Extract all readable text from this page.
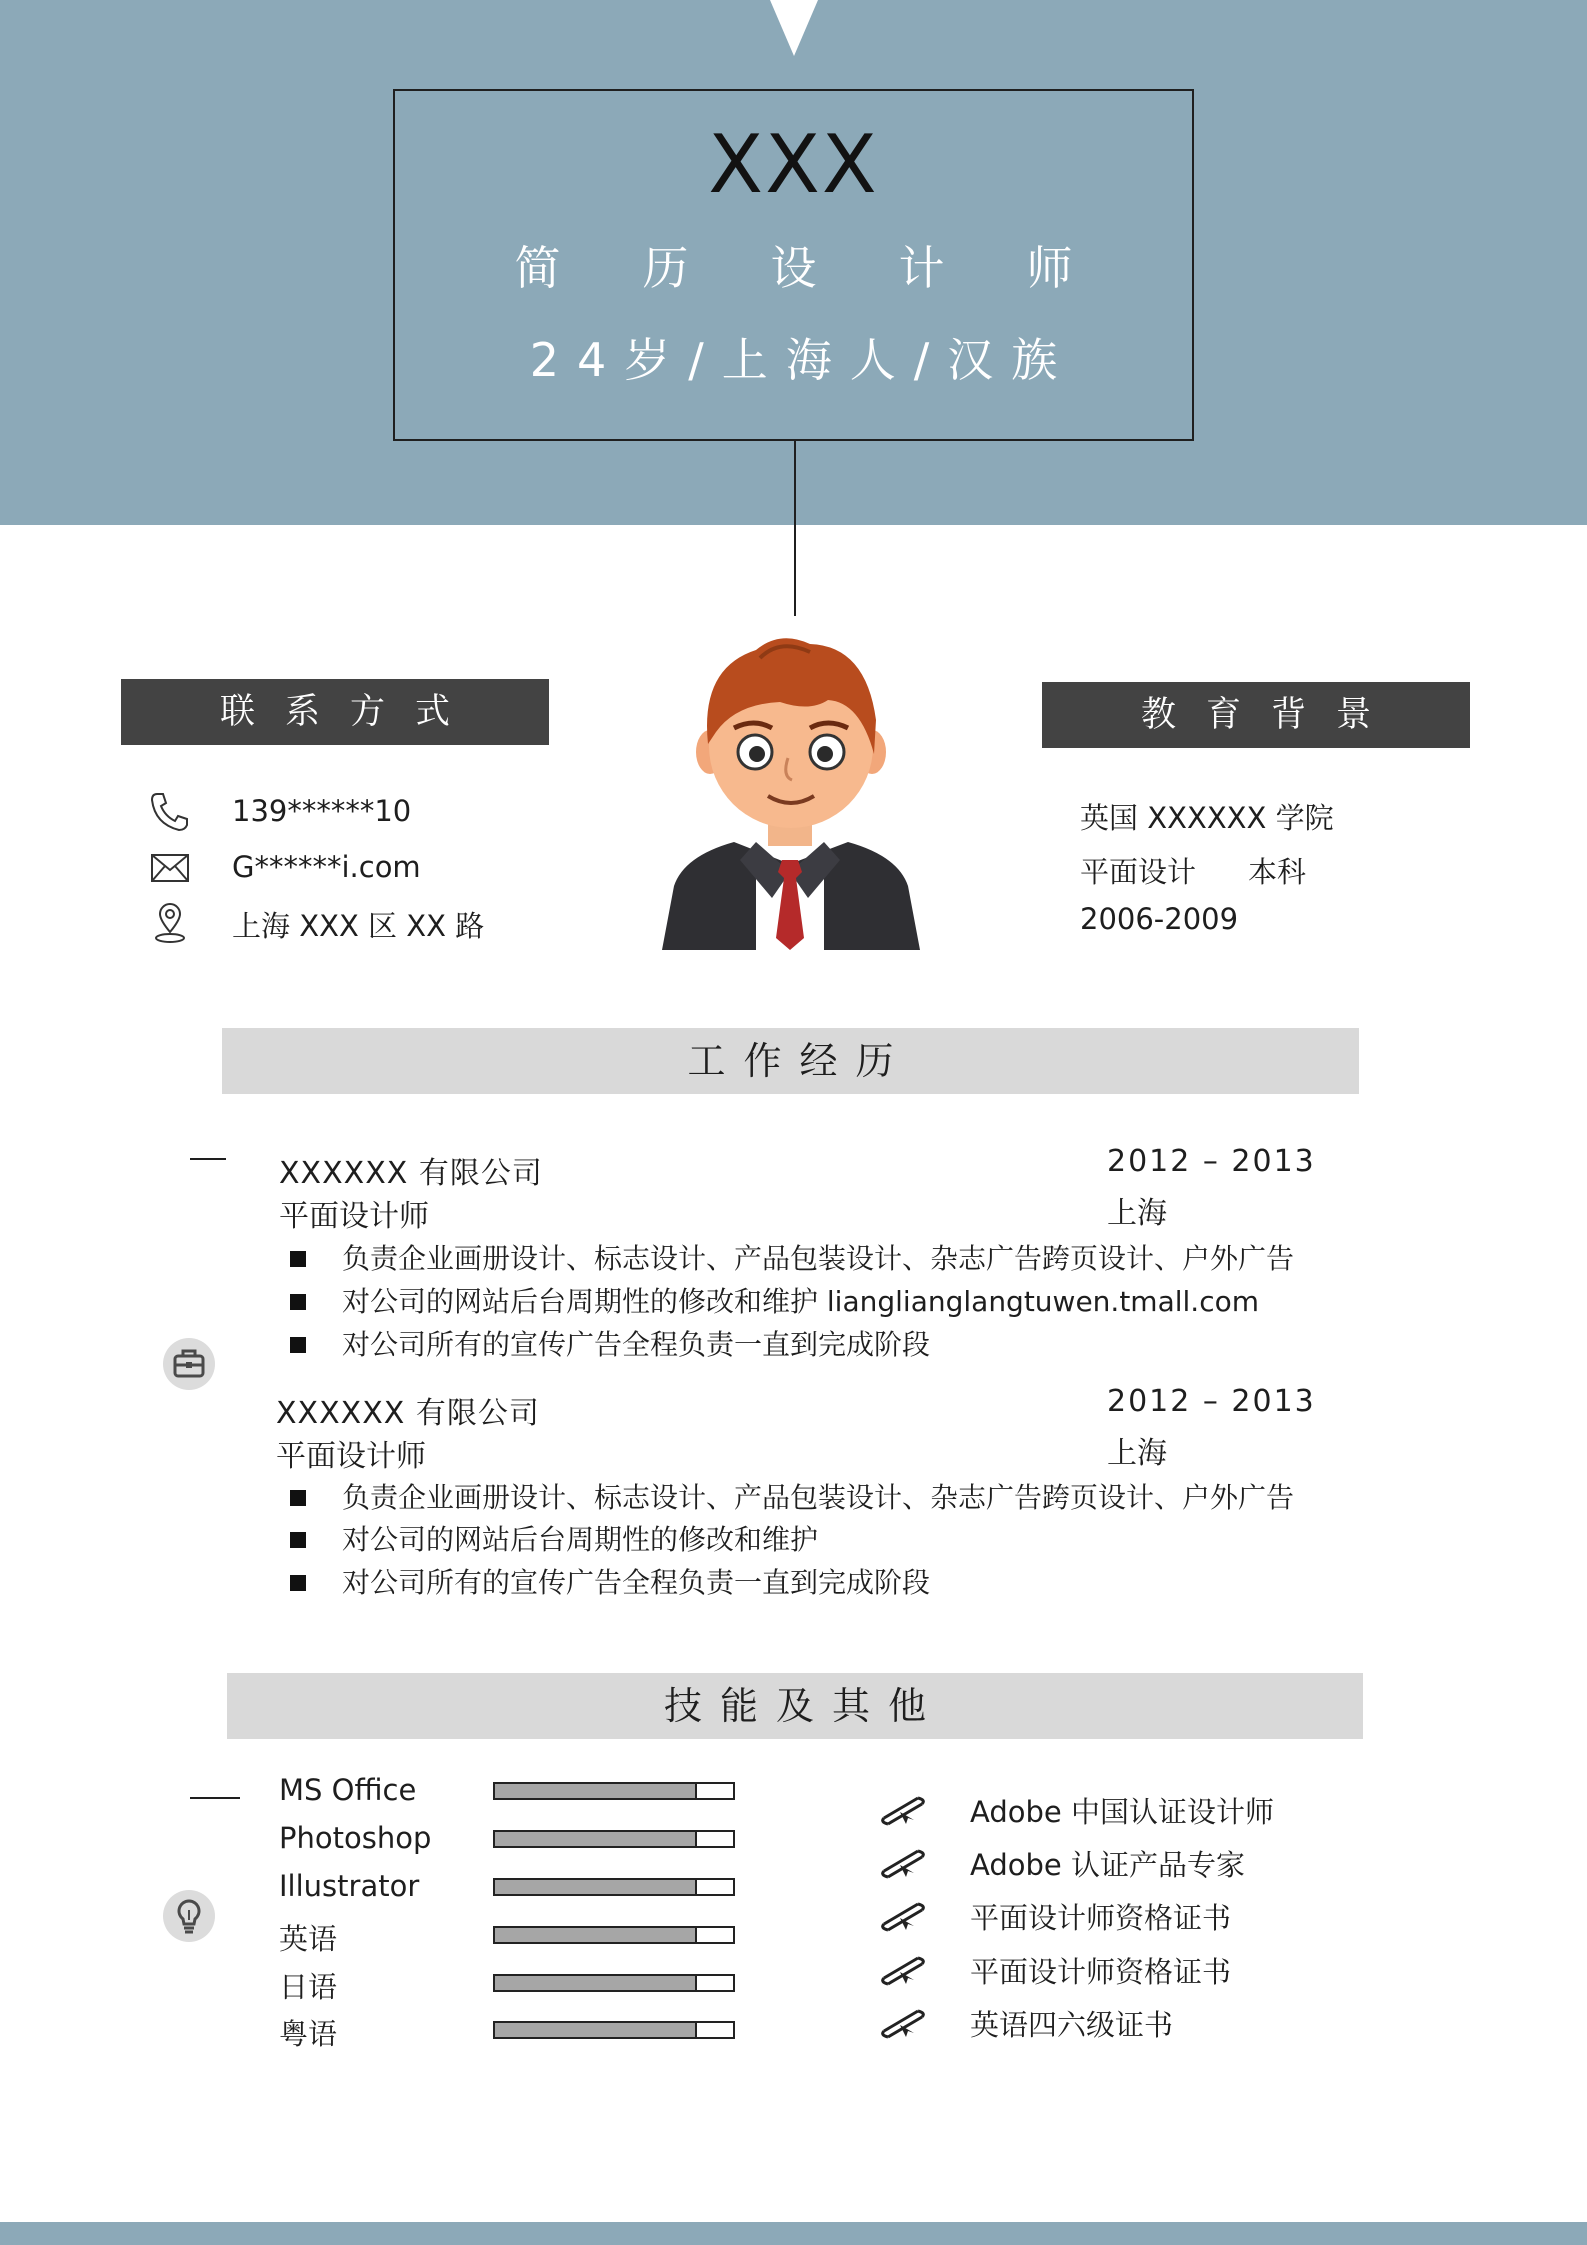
XXX
简历设计师
24岁/上海人/汉族
联系方式
139******10
G******i.com
上海 XXX 区 XX 路
教育背景
英国 XXXXXX 学院
平面设计 本科
2006-2009
工作经历
XXXXXX 有限公司	2012 – 2013
平面设计师	上海
负责企业画册设计、标志设计、产品包装设计、杂志广告跨页设计、户外广告
对公司的网站后台周期性的修改和维护 lianglianglangtuwen.tmall.com
对公司所有的宣传广告全程负责一直到完成阶段
XXXXXX 有限公司	2012 – 2013
平面设计师	上海
负责企业画册设计、标志设计、产品包装设计、杂志广告跨页设计、户外广告
对公司的网站后台周期性的修改和维护
对公司所有的宣传广告全程负责一直到完成阶段
技能及其他
MS Office
Photoshop
Illustrator
英语
日语
粤语
Adobe 中国认证设计师
Adobe 认证产品专家
平面设计师资格证书
平面设计师资格证书
英语四六级证书
